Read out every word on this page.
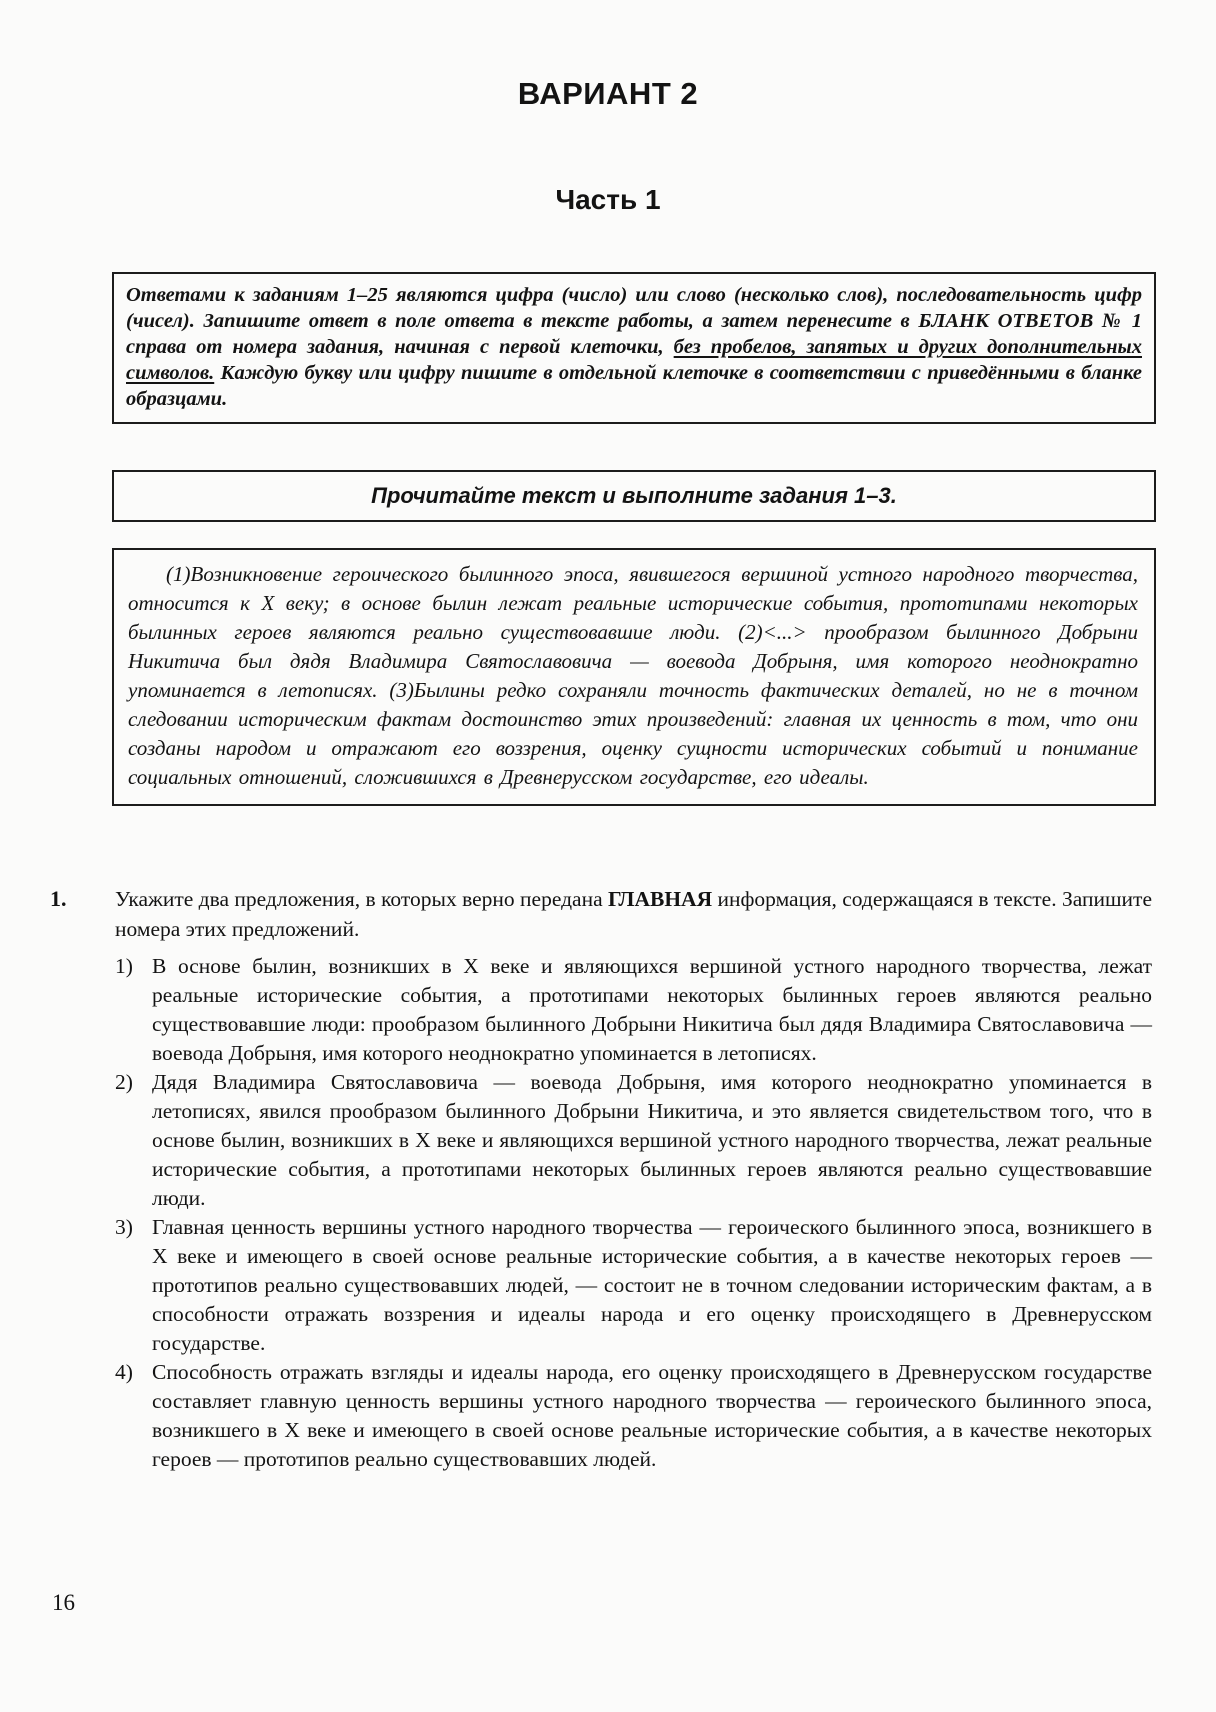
ВАРИАНТ 2
Часть 1

Ответами к заданиям 1–25 являются цифра (число) или слово (несколько слов), последовательность цифр (чисел). Запишите ответ в поле ответа в тексте работы, а затем перенесите в БЛАНК ОТВЕТОВ № 1 справа от номера задания, начиная с первой клеточки, без пробелов, запятых и других дополнительных символов. Каждую букву или цифру пишите в отдельной клеточке в соответствии с приведёнными в бланке образцами.

Прочитайте текст и выполните задания 1–3.

(1)Возникновение героического былинного эпоса, явившегося вершиной устного народного творчества, относится к X веку; в основе былин лежат реальные исторические события, прототипами некоторых былинных героев являются реально существовавшие люди. (2)<...> прообразом былинного Добрыни Никитича был дядя Владимира Святославовича — воевода Добрыня, имя которого неоднократно упоминается в летописях. (3)Былины редко сохраняли точность фактических деталей, но не в точном следовании историческим фактам достоинство этих произведений: главная их ценность в том, что они созданы народом и отражают его воззрения, оценку сущности исторических событий и понимание социальных отношений, сложившихся в Древнерусском государстве, его идеалы.

1.	Укажите два предложения, в которых верно передана ГЛАВНАЯ информация, содержащаяся в тексте. Запишите номера этих предложений.

1) В основе былин, возникших в X веке и являющихся вершиной устного народного творчества, лежат реальные исторические события, а прототипами некоторых былинных героев являются реально существовавшие люди: прообразом былинного Добрыни Никитича был дядя Владимира Святославовича — воевода Добрыня, имя которого неоднократно упоминается в летописях.
2) Дядя Владимира Святославовича — воевода Добрыня, имя которого неоднократно упоминается в летописях, явился прообразом былинного Добрыни Никитича, и это является свидетельством того, что в основе былин, возникших в X веке и являющихся вершиной устного народного творчества, лежат реальные исторические события, а прототипами некоторых былинных героев являются реально существовавшие люди.
3) Главная ценность вершины устного народного творчества — героического былинного эпоса, возникшего в X веке и имеющего в своей основе реальные исторические события, а в качестве некоторых героев — прототипов реально существовавших людей, — состоит не в точном следовании историческим фактам, а в способности отражать воззрения и идеалы народа и его оценку происходящего в Древнерусском государстве.
4) Способность отражать взгляды и идеалы народа, его оценку происходящего в Древнерусском государстве составляет главную ценность вершины устного народного творчества — героического былинного эпоса, возникшего в X веке и имеющего в своей основе реальные исторические события, а в качестве некоторых героев — прототипов реально существовавших людей.
16
